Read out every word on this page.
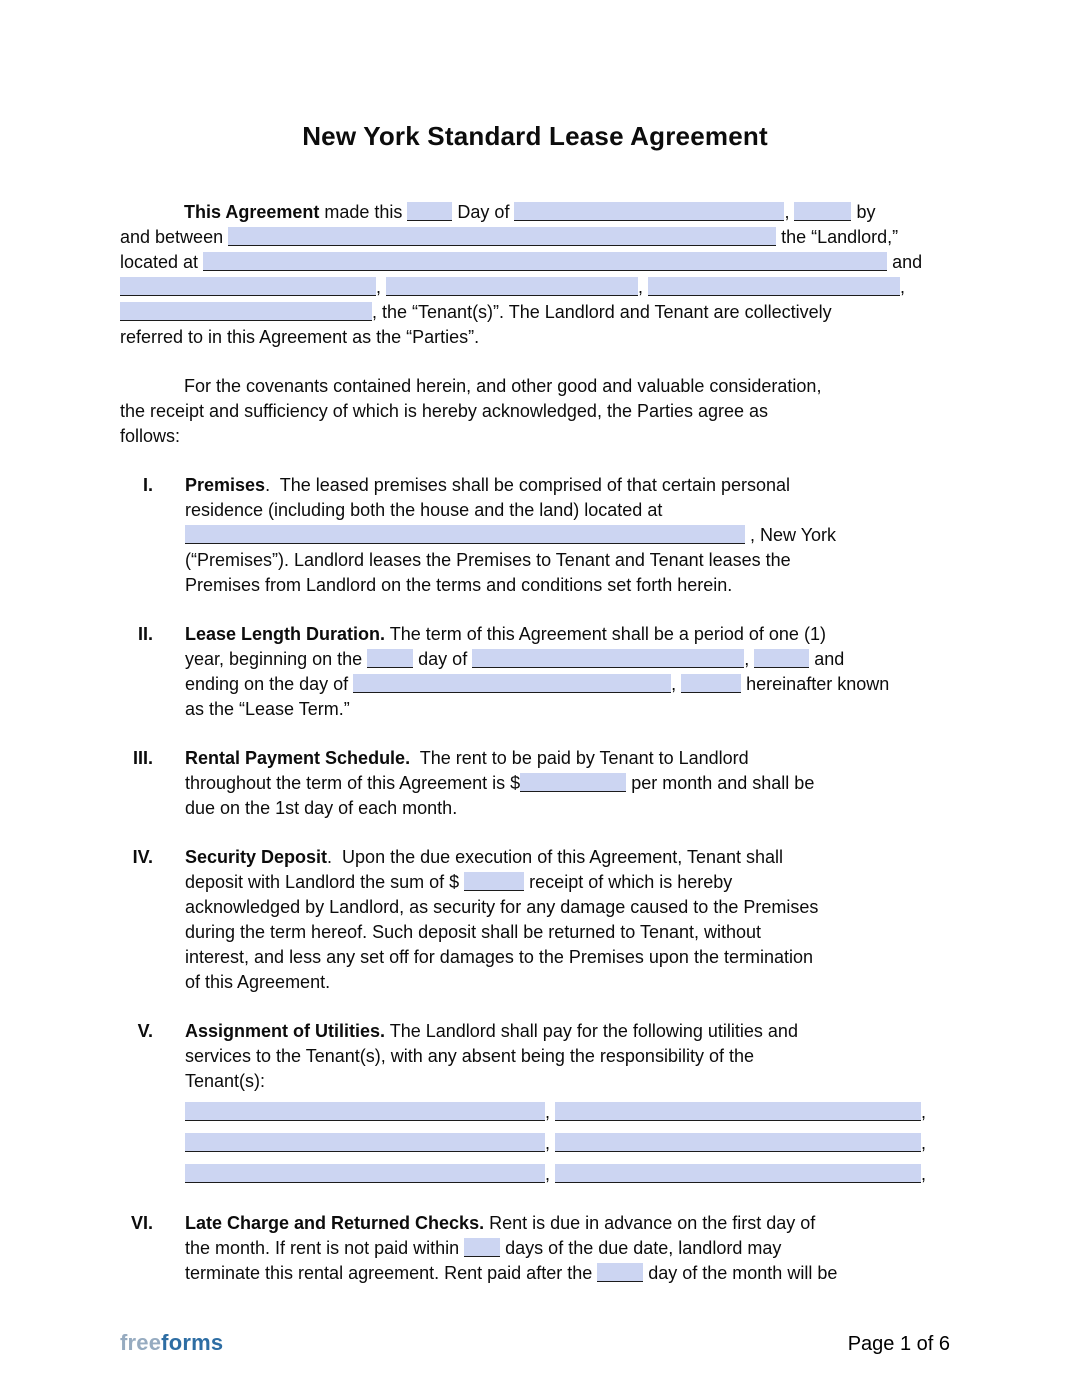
New York Standard Lease Agreement
This Agreement made this	Day of	,	by
and between	the “Landlord,”
located at	and
,	,	,
, the “Tenant(s)”. The Landlord and Tenant are collectively
referred to in this Agreement as the “Parties”.
For the covenants contained herein, and other good and valuable consideration,
the receipt and sufficiency of which is hereby acknowledged, the Parties agree as
follows:
I. Premises.  The leased premises shall be comprised of that certain personal
residence (including both the house and the land) located at
, New York
(“Premises”). Landlord leases the Premises to Tenant and Tenant leases the
Premises from Landlord on the terms and conditions set forth herein.
II. Lease Length Duration. The term of this Agreement shall be a period of one (1)
year, beginning on the	day of	,	and
ending on the day of	,	hereinafter known
as the “Lease Term.”
III. Rental Payment Schedule.  The rent to be paid by Tenant to Landlord
throughout the term of this Agreement is $	per month and shall be
due on the 1st day of each month.
IV. Security Deposit.  Upon the due execution of this Agreement, Tenant shall
deposit with Landlord the sum of $	receipt of which is hereby
acknowledged by Landlord, as security for any damage caused to the Premises
during the term hereof. Such deposit shall be returned to Tenant, without
interest, and less any set off for damages to the Premises upon the termination
of this Agreement.
V. Assignment of Utilities. The Landlord shall pay for the following utilities and
services to the Tenant(s), with any absent being the responsibility of the
Tenant(s):
,	,
,	,
,	,
VI. Late Charge and Returned Checks. Rent is due in advance on the first day of
the month. If rent is not paid within  days of the due date, landlord may
terminate this rental agreement. Rent paid after the	day of the month will be
freeforms	Page 1 of 6
